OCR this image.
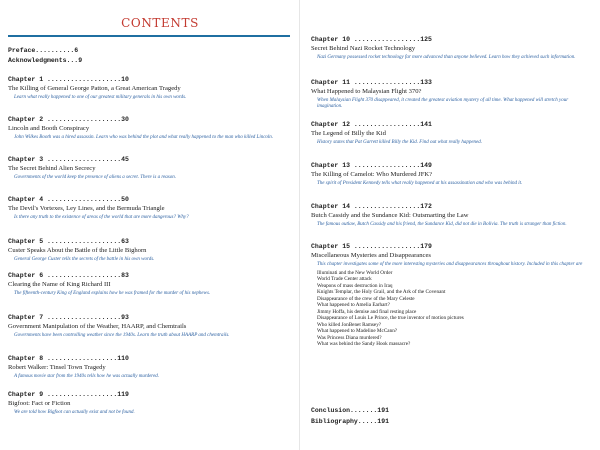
CONTENTS
Preface..........6
Acknowledgments...9
Chapter 1 ...................10
The Killing of General George Patton, a Great American Tragedy
Learn what really happened to one of our greatest military generals in his own words.
Chapter 2 ...................30
Lincoln and Booth Conspiracy
John Wilkes Booth was a hired assassin. Learn who was behind the plot and what really happened to the man who killed Lincoln.
Chapter 3 ...................45
The Secret Behind Alien Secrecy
Governments of the world keep the presence of aliens a secret. There is a reason.
Chapter 4 ...................50
The Devil's Vortexes, Ley Lines, and the Bermuda Triangle
Is there any truth to the existence of areas of the world that are more dangerous? Why?
Chapter 5 ...................63
Custer Speaks About the Battle of the Little Bighorn
General George Custer tells the secrets of the battle in his own words.
Chapter 6 ...................83
Clearing the Name of King Richard III
The fifteenth-century King of England explains how he was framed for the murder of his nephews.
Chapter 7 ...................93
Government Manipulation of the Weather, HAARP, and Chemtrails
Governments have been controlling weather since the 1940s. Learn the truth about HAARP and chemtrails.
Chapter 8 ..................110
Robert Walker: Tinsel Town Tragedy
A famous movie star from the 1940s tells how he was actually murdered.
Chapter 9 ..................119
Bigfoot: Fact or Fiction
We are told how Bigfoot can actually exist and not be found.
Chapter 10 .................125
Secret Behind Nazi Rocket Technology
Nazi Germany possessed rocket technology far more advanced than anyone believed. Learn how they achieved such information.
Chapter 11 .................133
What Happened to Malaysian Flight 370?
When Malaysian Flight 370 disappeared, it created the greatest aviation mystery of all time. What happened will stretch your imagination.
Chapter 12 .................141
The Legend of Billy the Kid
History states that Pat Garrett killed Billy the Kid. Find out what really happened.
Chapter 13 .................149
The Killing of Camelot: Who Murdered JFK?
The spirit of President Kennedy tells what really happened at his assassination and who was behind it.
Chapter 14 .................172
Butch Cassidy and the Sundance Kid: Outsmarting the Law
The famous outlaw, Butch Cassidy and his friend, the Sundance Kid, did not die in Bolivia. The truth is stranger than fiction.
Chapter 15 .................179
Miscellaneous Mysteries and Disappearances
This chapter investigates some of the more interesting mysteries and disappearances throughout history. Included in this chapter are
Illuminati and the New World Order
World Trade Center attack
Weapons of mass destruction in Iraq
Knights Templar, the Holy Grail, and the Ark of the Covenant
Disappearance of the crew of the Mary Celeste
What happened to Amelia Earhart?
Jimmy Hoffa, his demise and final resting place
Disappearance of Louis Le Prince, the true inventor of motion pictures
Who killed JonBenet Ramsey?
What happened to Madeline McCann?
Was Princess Diana murdered?
What was behind the Sandy Hook massacre?
Conclusion.......191
Bibliography.....191
